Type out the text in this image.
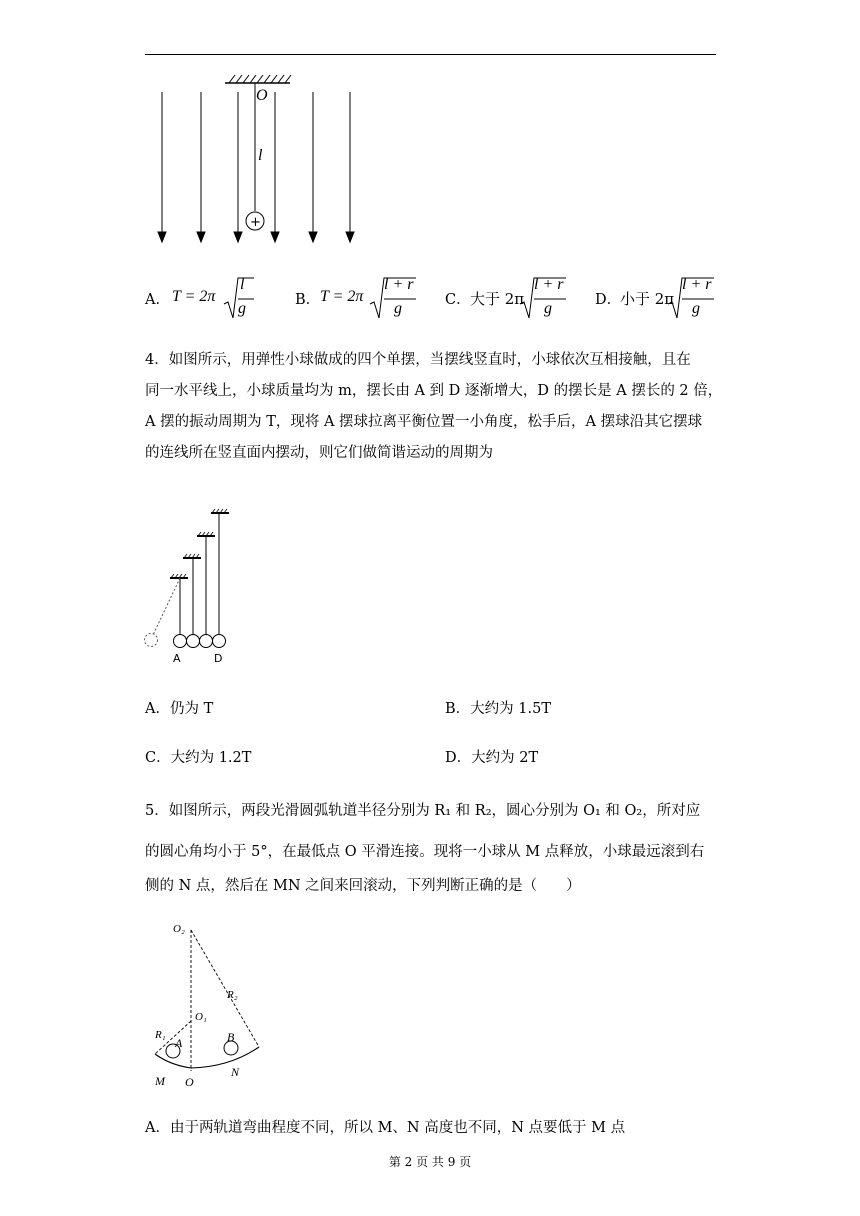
O
l
+
A． T = 2π
l
g	B． T = 2π
l + r
g	C． 大于 2π
l + r
g	D．
小于 2π
l + r
g
4．如图所示，用弹性小球做成的四个单摆，当摆线竖直时，小球依次互相接触，且在
同一水平线上，小球质量均为 m，摆长由 A 到 D 逐渐增大，D 的摆长是 A 摆长的 2 倍，
A 摆的振动周期为 T，现将 A 摆球拉离平衡位置一小角度，松手后，A 摆球沿其它摆球
的连线所在竖直面内摆动，则它们做简谐运动的周期为
A	D
A．仍为 T	B．大约为 1.5T
C．大约为 1.2T	D．大约为 2T
5．如图所示，两段光滑圆弧轨道半径分别为 R₁ 和 R₂，圆心分别为 O₁ 和 O₂，所对应
的圆心角均小于 5°，在最低点 O 平滑连接。现将一小球从 M 点释放，小球最远滚到右
侧的 N 点，然后在 MN 之间来回滚动，下列判断正确的是（　　）
O₂
O₁
R₁
R₂
A	B
M O
N
A．由于两轨道弯曲程度不同，所以 M、N 高度也不同，N 点要低于 M 点
第 2 页 共 9 页
